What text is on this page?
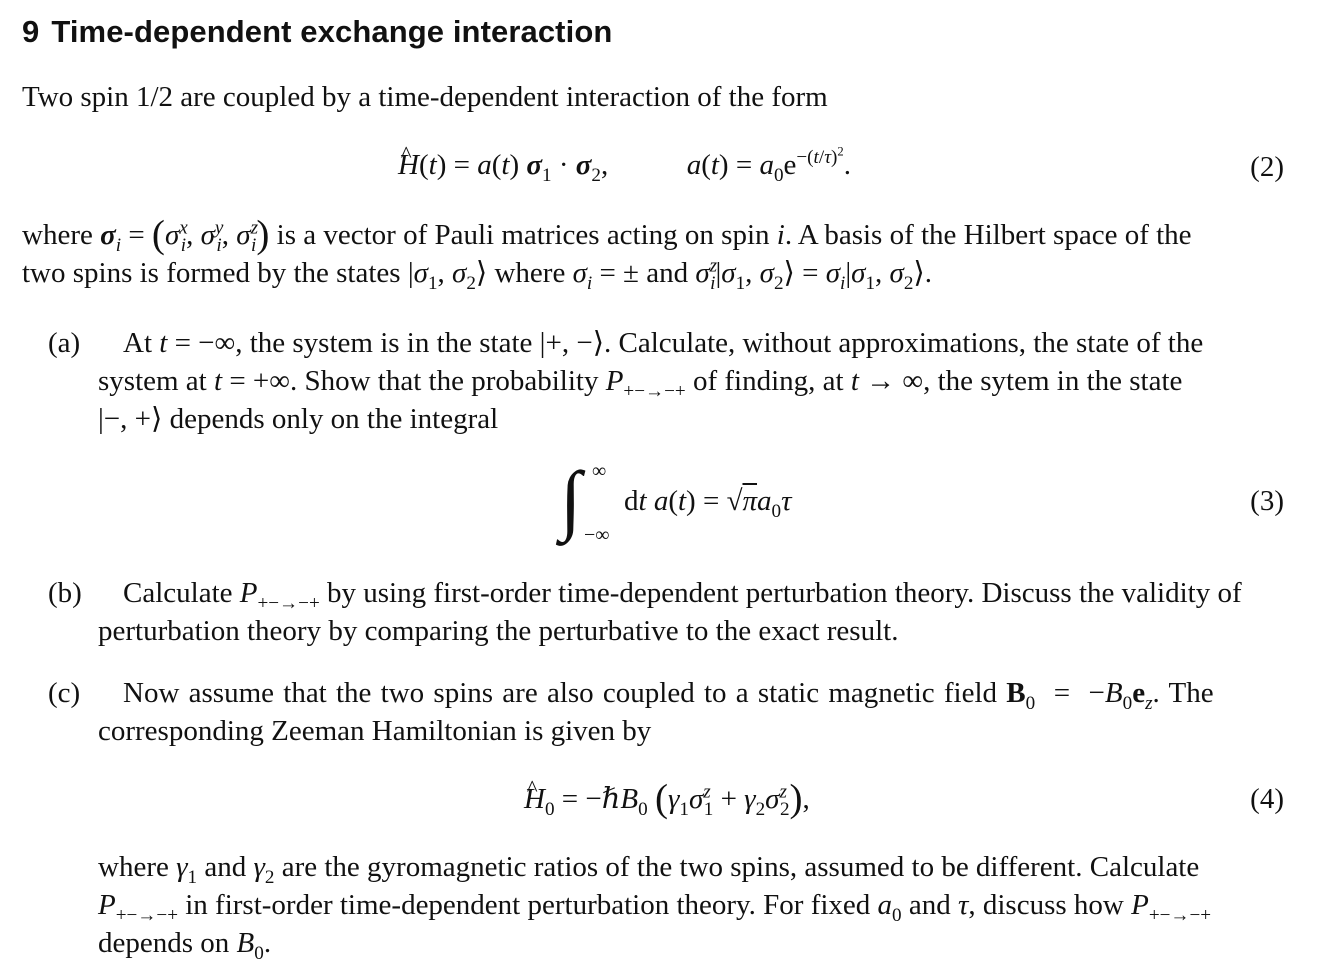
9 Time-dependent exchange interaction
Two spin 1/2 are coupled by a time-dependent interaction of the form
^ H(t) = a(t) $\sigma_1 \cdot \sigma_2$,  $a(t) = a_0e^{-(t/\tau)^2}$.	(2)
where $\sigma_i = (\sigma^x_i$, $\sigma^y_i$, $\sigma^z_i$) is a vector of Pauli matrices acting on spin i. A basis of the Hilbert space of the
two spins is formed by the states $|\sigma_1$, $\sigma_2⟩$ where $\sigma_i$ = ± and $\sigma^z_i|\sigma_1$, $\sigma_2⟩ = \sigma_i|\sigma_1$, $\sigma_2⟩$.
(a) At t = −∞, the system is in the state |+, −⟩. Calculate, without approximations, the state of the
system at t = +∞. Show that the probability $P_{+-\to-+}$ of finding, at t → ∞, the sytem in the state
|−, +⟩ depends only on the integral
∫ ∞
−∞
dt $a(t) = √\pi a_0\tau$	(3)
(b) Calculate $P_{+-\to-+}$ by using first-order time-dependent perturbation theory. Discuss the validity of
perturbation theory by comparing the perturbative to the exact result.
(c) Now assume that the two spins are also coupled to a static magnetic field $B_0 = -B_0e_z$. The
corresponding Zeeman Hamiltonian is given by
^ $H_0$ = −ℏB$_0$ $(\gamma_1\sigma^z_1 + \gamma_2\sigma^z_2)$,	(4)
where $\gamma_1$ and $\gamma_2$ are the gyromagnetic ratios of the two spins, assumed to be different. Calculate
$P_{+-\to-+}$ in first-order time-dependent perturbation theory. For fixed $a_0$ and τ, discuss how $P_{+-\to-+}$
depends on $B_0$.
